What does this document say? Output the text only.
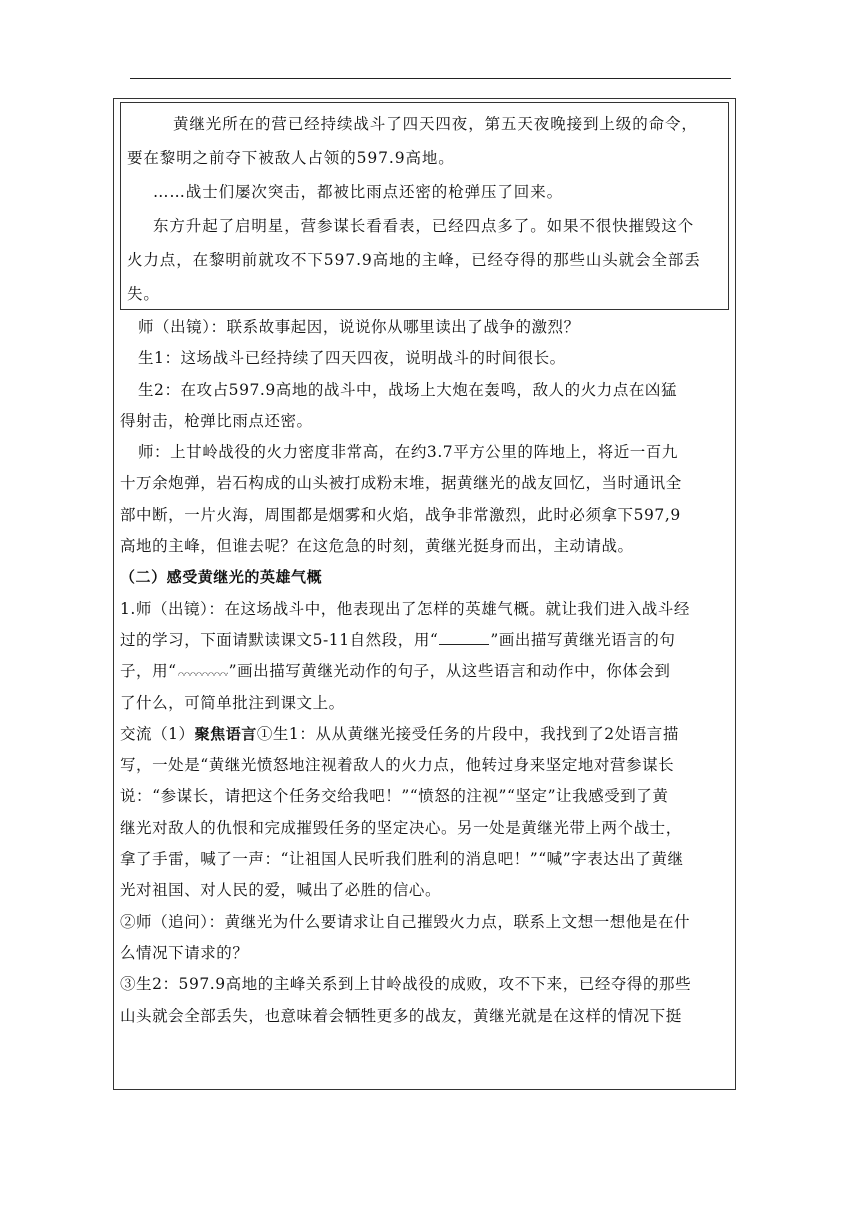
黄继光所在的营已经持续战斗了四天四夜，第五天夜晚接到上级的命令，
要在黎明之前夺下被敌人占领的597.9高地。
……战士们屡次突击，都被比雨点还密的枪弹压了回来。
东方升起了启明星，营参谋长看看表，已经四点多了。如果不很快摧毁这个
火力点，在黎明前就攻不下597.9高地的主峰，已经夺得的那些山头就会全部丢
失。
师（出镜）：联系故事起因，说说你从哪里读出了战争的激烈？
生1：这场战斗已经持续了四天四夜，说明战斗的时间很长。
生2：在攻占597.9高地的战斗中，战场上大炮在轰鸣，敌人的火力点在凶猛
得射击，枪弹比雨点还密。
师：上甘岭战役的火力密度非常高，在约3.7平方公里的阵地上，将近一百九
十万余炮弹，岩石构成的山头被打成粉末堆，据黄继光的战友回忆，当时通讯全
部中断，一片火海，周围都是烟雾和火焰，战争非常激烈，此时必须拿下597,9
高地的主峰，但谁去呢？在这危急的时刻，黄继光挺身而出，主动请战。
（二）感受黄继光的英雄气概
1.师（出镜）：在这场战斗中，他表现出了怎样的英雄气概。就让我们进入战斗经
过的学习，下面请默读课文5-11自然段，用“	”画出描写黄继光语言的句
子，用“	”画出描写黄继光动作的句子，从这些语言和动作中，你体会到
了什么，可简单批注到课文上。
交流（1）聚焦语言①生1：从从黄继光接受任务的片段中，我找到了2处语言描
写，一处是“黄继光愤怒地注视着敌人的火力点，他转过身来坚定地对营参谋长
说：“参谋长，请把这个任务交给我吧！”“愤怒的注视”“坚定”让我感受到了黄
继光对敌人的仇恨和完成摧毁任务的坚定决心。另一处是黄继光带上两个战士，
拿了手雷，喊了一声：“让祖国人民听我们胜利的消息吧！”“喊”字表达出了黄继
光对祖国、对人民的爱，喊出了必胜的信心。
②师（追问）：黄继光为什么要请求让自己摧毁火力点，联系上文想一想他是在什
么情况下请求的？
③生2：597.9高地的主峰关系到上甘岭战役的成败，攻不下来，已经夺得的那些
山头就会全部丢失，也意味着会牺牲更多的战友，黄继光就是在这样的情况下挺
